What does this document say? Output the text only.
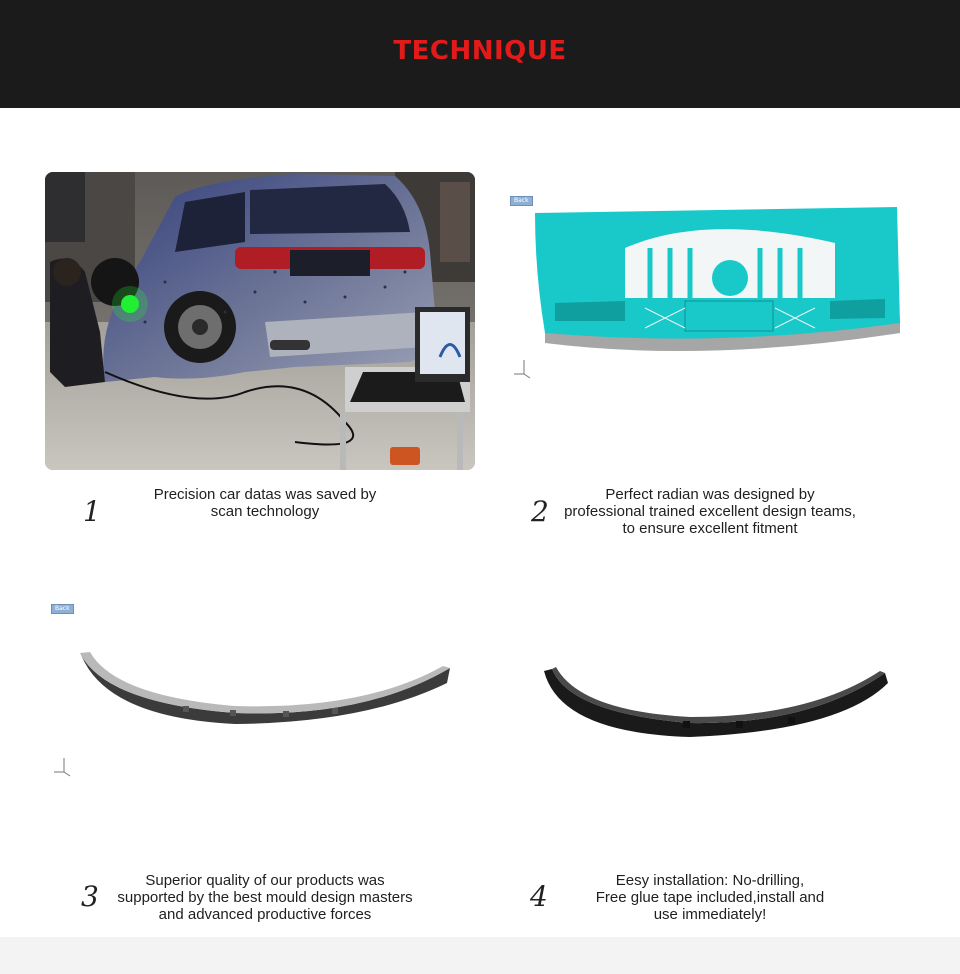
TECHNIQUE
Back
1
Precision car datas was saved by
scan technology	2
Perfect radian was designed by
professional trained excellent design teams,
to ensure excellent fitment
Back
3	Superior quality of our products was
supported by the best mould design masters
and advanced productive forces
4	Eesy installation: No-drilling,
Free glue tape included,install and
use immediately!
